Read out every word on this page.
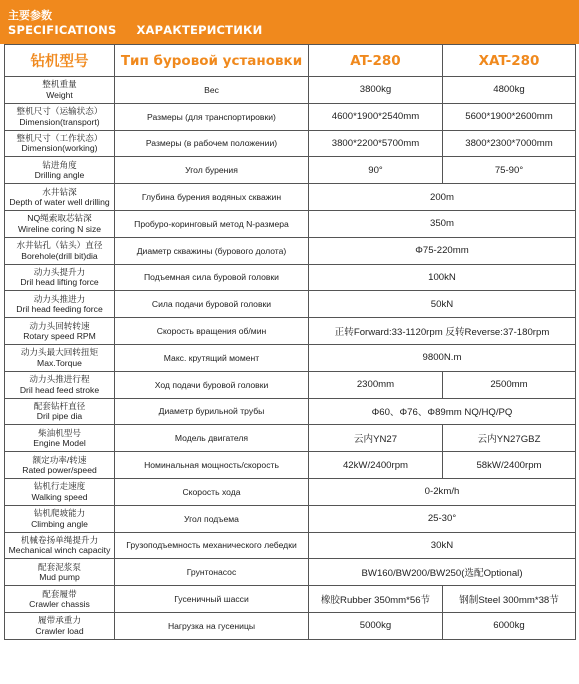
主要参数
SPECIFICATIONS ХАРАКТЕРИСТИКИ
钻机型号	Тип буровой установки	AT-280	XAT-280

整机重量
Weight	Вес	3800kg	4800kg

整机尺寸（运输状态）
Dimension(transport)	Размеры (для транспортировки)	4600*1900*2540mm	5600*1900*2600mm

整机尺寸（工作状态）
Dimension(working)	Размеры (в рабочем положении)	3800*2200*5700mm	3800*2300*7000mm

钻进角度
Drilling angle	Угол бурения	90°	75-90°

水井钻深
Depth of water well drilling	Глубина бурения водяных скважин	200m	

NQ绳索取芯钻深
Wireline coring N size	Пробуро-коринговый метод N-размера	350m	

水井钻孔（钻头）直径
Borehole(drill bit)dia	Диаметр скважины (бурового долота)	Φ75-220mm	

动力头提升力
Dril head lifting force	Подъемная сила буровой головки	100kN	

动力头推进力
Dril head feeding force	Сила подачи буровой головки	50kN	

动力头回转转速
Rotary speed RPM	Скорость вращения об/мин	正转Forward:33-1120rpm 反转Reverse:37-180rpm	

动力头最大回转扭矩
Max.Torque	Макс. крутящий момент	9800N.m	

动力头推进行程
Dril head feed stroke	Ход подачи буровой головки	2300mm	2500mm

配套钻杆直径
Dril pipe dia	Диаметр бурильной трубы	Φ60、Φ76、Φ89mm NQ/HQ/PQ	

柴油机型号
Engine Model	Модель двигателя	云内YN27	云内YN27GBZ

额定功率/转速
Rated power/speed	Номинальная мощность/скорость	42kW/2400rpm	58kW/2400rpm

钻机行走速度
Walking speed	Скорость хода	0-2km/h	

钻机爬坡能力
Climbing angle	Угол подъема	25-30°	

机械卷扬单绳提升力
Mechanical winch capacity	Грузоподъемность механического лебедки	30kN	

配套泥浆泵
Mud pump	Грунтонасос	BW160/BW200/BW250(选配Optional)	

配套履带
Crawler chassis	Гусеничный шасси	橡胶Rubber 350mm*56节	钢制Steel 300mm*38节

履带承重力
Crawler load	Нагрузка на гусеницы	5000kg	6000kg
